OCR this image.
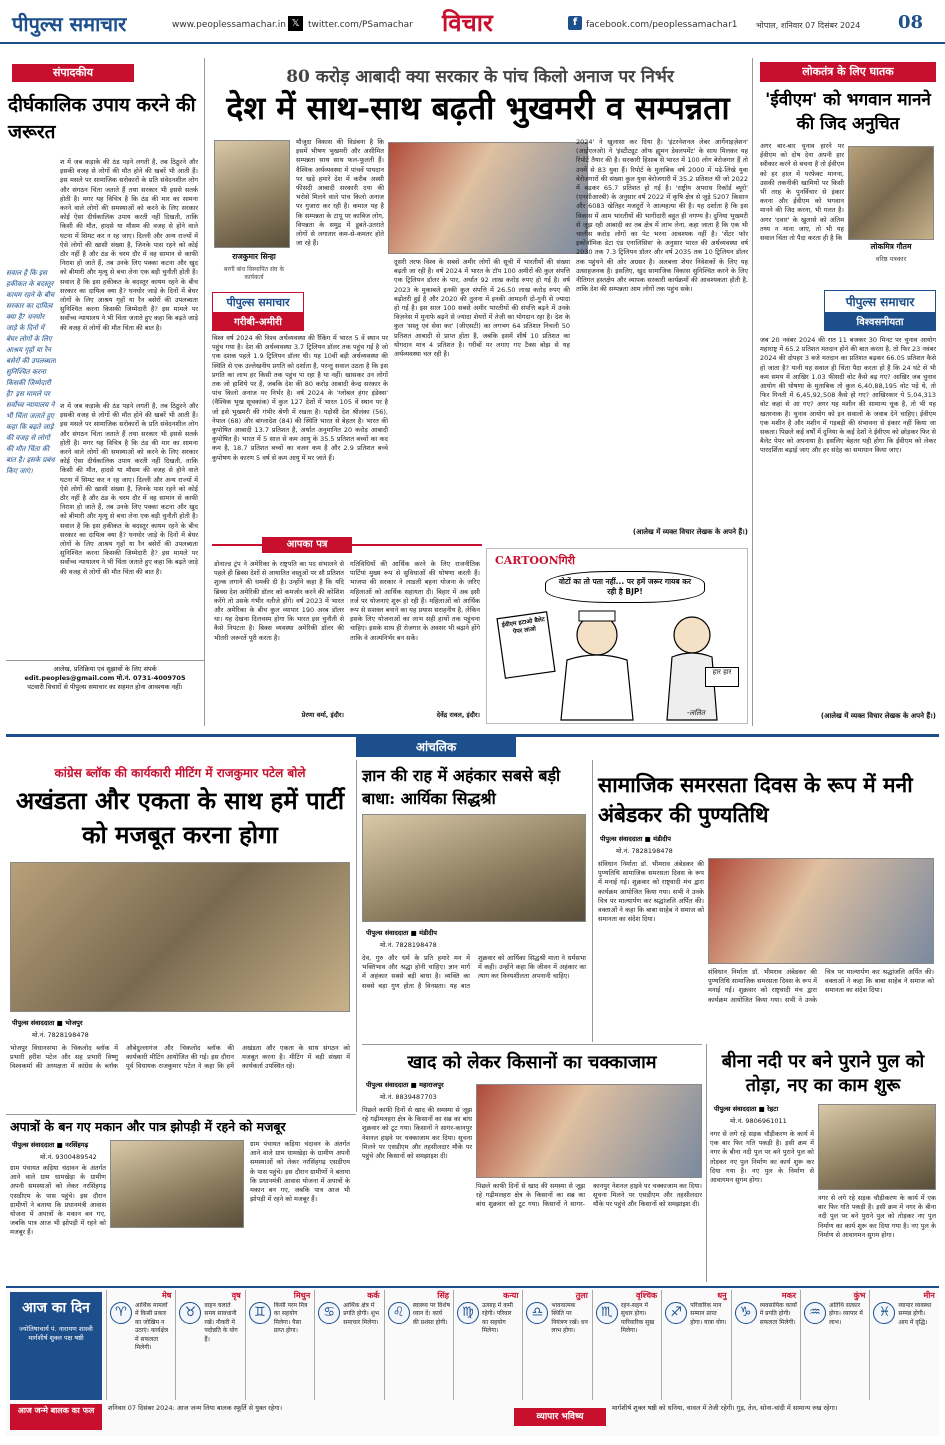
पीपुल्स समाचार	www.peoplessamachar.in 𝕏 twitter.com/PSamachar विचार	f facebook.com/peoplessamachar1 भोपाल, शनिवार 07 दिसंबर 2024 08
संपादकीय
दीर्घकालिक उपाय करने की जरूरत
श में जब कड़ाके की ठंड पड़ने लगती है, तब ठिठुरने और इसकी वजह से लोगों की मौत होने की खबरें भी आती हैं। इस मसले पर सामाजिक सरोकारों के प्रति संवेदनशील लोग और संगठन चिंता जताते हैं तथा सरकार भी इससे सतर्क होती है। मगर यह विचित्र है कि ठंड की मार का सामना करने वाले लोगों की समस्याओं को करने के लिए सरकार कोई ऐसा दीर्घकालिक उपाय करती नहीं दिखती, ताकि किसी की मौत, हादसे या मौसम की वजह से होने वाले घटना में सिमट कर न रह जाए। दिल्ली और अन्य राज्यों में ऐसे लोगों की खासी संख्या है, जिनके पास रहने को कोई ठौर नहीं है और ठंड के चरम दौर में वह सामान से काफी निराश हो जाते हैं, तब उनके लिए पक्का कटना और खुद को बीमारी और मृत्यु से बचा लेना एक बड़ी चुनौती होती है। सवाल है कि इस हकीकत के बदस्तूर कायम रहने के बीच सरकार का दायित्व क्या है? घनघोर जाड़े के दिनों में बेघर लोगों के लिए आश्रय गृहों या रैन बसेरों की उपलब्धता सुनिश्चित करना किसकी जिम्मेदारी है? इस मामले पर सर्वोच्च न्यायालय ने भी चिंता जताते हुए कहा कि बढ़ते जाड़े की वजह से लोगों की मौत चिंता की बात है।
सवाल है कि इस हकीकत के बदस्तूर कायम रहने के बीच सरकार का दायित्व क्या है? घनघोर जाड़े के दिनों में बेघर लोगों के लिए आश्रय गृहों या रैन बसेरों की उपलब्धता सुनिश्चित करना किसकी जिम्मेदारी है? इस मामले पर सर्वोच्च न्यायालय ने भी चिंता जताते हुए कहा कि बढ़ते जाड़े की वजह से लोगों की मौत चिंता की बात है। इसके प्रबंध किए जाएं।
श में जब कड़ाके की ठंड पड़ने लगती है, तब ठिठुरने और इसकी वजह से लोगों की मौत होने की खबरें भी आती हैं। इस मसले पर सामाजिक सरोकारों के प्रति संवेदनशील लोग और संगठन चिंता जताते हैं तथा सरकार भी इससे सतर्क होती है। मगर यह विचित्र है कि ठंड की मार का सामना करने वाले लोगों की समस्याओं को करने के लिए सरकार कोई ऐसा दीर्घकालिक उपाय करती नहीं दिखती, ताकि किसी की मौत, हादसे या मौसम की वजह से होने वाले घटना में सिमट कर न रह जाए। दिल्ली और अन्य राज्यों में ऐसे लोगों की खासी संख्या है, जिनके पास रहने को कोई ठौर नहीं है और ठंड के चरम दौर में वह सामान से काफी निराश हो जाते हैं, तब उनके लिए पक्का कटना और खुद को बीमारी और मृत्यु से बचा लेना एक बड़ी चुनौती होती है। सवाल है कि इस हकीकत के बदस्तूर कायम रहने के बीच सरकार का दायित्व क्या है? घनघोर जाड़े के दिनों में बेघर लोगों के लिए आश्रय गृहों या रैन बसेरों की उपलब्धता सुनिश्चित करना किसकी जिम्मेदारी है? इस मामले पर सर्वोच्च न्यायालय ने भी चिंता जताते हुए कहा कि बढ़ते जाड़े की वजह से लोगों की मौत चिंता की बात है।
आलेख, प्रतिक्रिया एवं सुझावों के लिए संपर्क
edit.peoples@gmail.com मो.नं. 0731-4009705
पटवारी विचारों से पीपुल्स समाचार का सहमत होना आवश्यक नहीं।
80 करोड़ आबादी क्या सरकार के पांच किलो अनाज पर निर्भर
देश में साथ-साथ बढ़ती भुखमरी व सम्पन्नता
राजकुमार सिन्हा
बरगी बांध विस्थापित संघ के कार्यकर्ता
पीपुल्स समाचार
गरीबी-अमीरी
मौजूदा विकास की विडंबना है कि इसमें भीषण भुखमरी और असीमित सम्पन्नता साथ साथ फल-फूलती हैं। वैश्विक अर्थव्यवस्था में पांचवें पायदान पर खड़े हमारे देश में करीब अस्सी फीसदी आबादी सरकारी दया की भरोसे मिलने वाले पांच किलो अनाज पर गुजारा कर रही है। कमाल यह है कि सम्पन्नता के टापू पर काबिज लोग, विपन्नता के समुद्र में डूबते-उतराते लोगों से लगातार कम-से-कमतर होते जा रहे हैं।
विश्व वर्ष 2024 की विश्व अर्थव्यवस्था की रैंकिंग में भारत 5 वें स्थान पर पहुंच गया है। देश की अर्थव्यवस्था 3.7 ट्रिलियन डॉलर तक पहुंच गई है जो एक दशक पहले 1.9 ट्रिलियन डॉलर थी। यह 10वीं बड़ी अर्थव्यवस्था की स्थिति से एक उल्लेखनीय प्रगति को दर्शाता है, परन्तु सवाल उठता है कि इस प्रगति का लाभ हर किसी तक पहुंच पा रहा है या नहीं। खासकर उन लोगों तक जो हाशिये पर हैं, जबकि देश की 80 करोड़ आबादी केन्द्र सरकार के पांच किलो अनाज पर निर्भर है। वर्ष 2024 के 'ग्लोबल हंगर इंडेक्स' (वैश्विक भुख सूचकांक) में कुल 127 देशों में भारत 105 वें स्थान पर है जो इसे भुखमरी की गंभीर श्रेणी में रखता है। पड़ोसी देश श्रीलंका (56), नेपाल (68) और बांग्लादेश (84) की स्थिति भारत से बेहतर है। भारत की कुपोषित आबादी 13.7 प्रतिशत है, अर्थात अनुमानित 20 करोड़ आबादी कुपोषित है। भारत में 5 साल से कम आयु के 35.5 प्रतिशत बच्चों का कद कम है, 18.7 प्रतिशत बच्चों का वजन कम है और 2.9 प्रतिशत बच्चे कुपोषण के कारण 5 वर्ष से कम आयु में मर जाते हैं।
दूसरी तरफ विश्व के सबसे अमीर लोगों की सूची में भारतीयों की संख्या बढ़ती जा रही है। वर्ष 2024 में भारत के टॉप 100 अमीरों की कुल संपत्ति एक ट्रिलियन डॉलर के पार, अर्थात 92 लाख करोड़ रुपए हो गई है। वर्ष 2023 के मुकाबले इनकी कुल संपत्ति में 26.50 लाख करोड़ रुपए की बढ़ोतरी हुई है और 2020 की तुलना में इनकी आमदनी दो-गुनी से ज्यादा हो गई है। इस साल 100 सबसे अमीर भारतीयों की संपत्ति बढ़ने में उनके विज़नेस में मुनाफे बढ़ने से ज्यादा शेयरों में तेजी का योगदान रहा है। देश के कुल 'सस्तु एवं सेवा कर' (जीएसटी) का लगभग 64 प्रतिशत निचली 50 प्रतिशत आबादी से प्राप्त होता है, जबकि इसमें शीर्ष 10 प्रतिशत का योगदान मात्र 4 प्रतिशत है। गरीबों पर लगाए गए टैक्स बोझ से यह अर्थव्यवस्था चल रही है।
2024' ने खुलासा कर दिया है। 'इंटरनेशनल लेबर आर्गेनाइज़ेशन' (आईएलओ) ने 'इंस्टीट्यूट ऑफ ह्यूमन डेवलपमेंट' के साथ मिलकर यह रिपोर्ट तैयार की है। सरकारी हिसाब से भारत में 100 लोग बेरोजगार हैं तो उनमें से 83 युवा हैं। रिपोर्ट के मुताबिक वर्ष 2000 में पढ़े-लिखे युवा बेरोजगारों की संख्या कुल युवा बेरोजगारी में 35.2 प्रतिशत थी जो 2022 में बढ़कर 65.7 प्रतिशत हो गई है। 'राष्ट्रीय अपराध रिकॉर्ड ब्यूरो' (एनसीआरबी) के अनुसार वर्ष 2022 में कृषि क्षेत्र से जुड़े 5207 किसान और 6083 खेतिहर मजदूरों ने आत्महत्या की है। यह दर्शाता है कि इस विकास में आम भारतीयों की भागीदारी बहुत ही नगण्य है। दुनिया भुखमरी से जूझ रही आबादी का तब क्षेत्र में लाभ लेना, कहा जाता है कि एक भी चालीस करोड़ लोगों का पेट भरना आवश्यक नहीं है। 'सेंटर फॉर इकोनॉमिक डेटा एंड एनालिसिस' के अनुसार भारत की अर्थव्यवस्था वर्ष 2030 तक 7.3 ट्रिलियन डॉलर और वर्ष 2035 तक 10 ट्रिलियन डॉलर तक पहुंचने की ओर अग्रसर है। अलबत्ता शेयर निवेशकों के लिए यह उत्साहजनक है। इसलिए, खुद सामाजिक विकास सुनिश्चित करने के लिए नीतिगत हस्तक्षेप और व्यापक सरकारी कार्यक्रमों की आवश्यकता होती है, ताकि देश की सम्पन्नता आम लोगों तक पहुंच सके।
(आलेख में व्यक्त विचार लेखक के अपने हैं।)
आपका पत्र
डोनाल्ड ट्रंप ने अमेरिका के राष्ट्रपति का पद संभालने से पहले ही ब्रिक्स देशों से आयातित वस्तुओं पर सौ प्रतिशत शुल्क लगाने की धमकी दी है। उन्होंने कहा है कि यदि ब्रिक्स देश अमेरिकी डॉलर को कमजोर करने की कोशिश करेंगे तो उसके गंभीर नतीजे होंगे। वर्ष 2023 में भारत और अमेरिका के बीच कुल व्यापार 190 अरब डॉलर था। यह देखना दिलचस्प होगा कि भारत इस चुनौती से कैसे निपटता है। बिक्स व्यवस्था अमेरिकी डॉलर की भीतरी जरूरतें पूरी करता है।
प्रेरणा वर्मा, इंदौर।
गतिविधियों की आर्थिक करने के लिए राजनीतिक पार्टियां मुख्य रूप से सुविधाओं की घोषणा करती हैं। भाजपा की सरकार ने लाडली बहना योजना के जरिए महिलाओं को आर्थिक सहायता दी। बिहार में अब इसी तर्ज पर योजनाएं शुरू हो रही हैं। महिलाओं को आर्थिक रूप से सशक्त बनाने का यह प्रयास सराहनीय है, लेकिन इसके लिए योजनाओं का लाभ सही हाथों तक पहुंचना चाहिए। इसके साथ ही रोजगार के अवसर भी बढ़ाने होंगे ताकि वे आत्मनिर्भर बन सकें।
देवेंद्र रावल, इंदौर।
CARTOONगिरी
वोटों का तो पता नहीं... पर हमें जरूर गायब कर रही है BJP!
ईवीएम हटाओ बैलेट पेपर लाओ
हार हार
-ललित
लोकतंत्र के लिए घातक
'ईवीएम' को भगवान मानने की जिद अनुचित
अगर बार-बार चुनाव हारने पर ईवीएम को दोष देना अपनी हार स्वीकार करने से बचना है तो ईवीएम को हर हाल में परफेक्ट मानना, उसकी तकनीकी खामियों पर किसी भी तरह के पुनर्विचार से इंकार करना और ईवीएम को भगवान मानने की जिद करना, भी गलत है। अगर 'दवार' के खुलासे को अंतिम तथ्य न माना जाए, तो भी यह सवाल चिंता तो पैदा करता ही है कि
लोकमित्र गौतम
वरिष्ठ पत्रकार
पीपुल्स समाचार
विश्वसनीयता
जब 20 नवंबर 2024 की रात 11 बजकर 30 मिनट पर चुनाव आयोग महाराष्ट्र में 65.2 प्रतिशत मतदान होने की बात करता है, तो फिर 23 नवंबर 2024 की दोपहर 3 बजे मतदान का प्रतिशत बढ़कर 66.05 प्रतिशत कैसे हो जाता है? यानी यह सवाल ही चिंता पैदा करता हो है कि 24 घंटे से भी कम समय में आखिर 1.03 फीसदी वोट कैसे बढ़ गए? आखिर जब चुनाव आयोग की घोषणा के मुताबिक तो कुल 6,40,88,195 वोट पड़े थे, तो फिर गिनती में 6,45,92,508 कैसे हो गए? आखिरकार ये 5,04,313 वोट कहां से आ गए? अगर यह मशीन की सामान्य चूक है, तो भी यह खतरनाक है। चुनाव आयोग को इन सवालों के जवाब देने चाहिए। ईवीएम एक मशीन है और मशीन में गड़बड़ी की संभावना से इंकार नहीं किया जा सकता। पिछले कई वर्षों में दुनिया के कई देशों ने ईवीएम को छोड़कर फिर से बैलेट पेपर को अपनाया है। इसलिए बेहतर यही होगा कि ईवीएम को लेकर पारदर्शिता बढ़ाई जाए और हर संदेह का समाधान किया जाए।
(आलेख में व्यक्त विचार लेखक के अपने हैं।)
आंचलिक
कांग्रेस ब्लॉक की कार्यकारी मीटिंग में राजकुमार पटेल बोले
अखंडता और एकता के साथ हमें पार्टी को मजबूत करना होगा
पीपुल्स संवाददाता ■ भोजपुर
मो.नं. 7828198478
भोजपुर विधानसभा के चिकलोद ब्लॉक में प्रभारी हरीश पटेल और सह प्रभारी विष्णु विश्वकर्मा की अध्यक्षता में कांग्रेस के ब्लॉक औबेदुल्लागंज और चिकलोद ब्लॉक की कार्यकारी मीटिंग आयोजित की गई। इस दौरान पूर्व विधायक राजकुमार पटेल ने कहा कि हमें अखंडता और एकता के साथ संगठन को मजबूत करना है। मीटिंग में बड़ी संख्या में कार्यकर्ता उपस्थित रहे।
ज्ञान की राह में अहंकार सबसे बड़ी बाधा: आर्यिका सिद्धश्री
पीपुल्स संवाददाता ■ मंडीदीप
मो.नं. 7828198478
देव, गुरु और धर्म के प्रति हमारे मन में भक्तिभाव और श्रद्धा होनी चाहिए। ज्ञान मार्ग में अहंकार सबसे बड़ी बाधा है। व्यक्ति का सबसे बड़ा गुण होता है विनम्रता। यह बात शुक्रवार को आर्यिका सिद्धश्री माता ने धर्मसभा में कही। उन्होंने कहा कि जीवन में अहंकार का त्याग कर विनयशीलता अपनानी चाहिए।
सामाजिक समरसता दिवस के रूप में मनी अंबेडकर की पुण्यतिथि
पीपुल्स संवाददाता ■ मंडीदीप
मो.नं. 7828198478
संविधान निर्माता डॉ. भीमराव अंबेडकर की पुण्यतिथि सामाजिक समरसता दिवस के रूप में मनाई गई। शुक्रवार को राष्ट्रवादी मंच द्वारा कार्यक्रम आयोजित किया गया। सभी ने उनके चित्र पर माल्यार्पण कर श्रद्धांजलि अर्पित की। वक्ताओं ने कहा कि बाबा साहेब ने समाज को समानता का संदेश दिया।
संविधान निर्माता डॉ. भीमराव अंबेडकर की पुण्यतिथि सामाजिक समरसता दिवस के रूप में मनाई गई। शुक्रवार को राष्ट्रवादी मंच द्वारा कार्यक्रम आयोजित किया गया। सभी ने उनके चित्र पर माल्यार्पण कर श्रद्धांजलि अर्पित की। वक्ताओं ने कहा कि बाबा साहेब ने समाज को समानता का संदेश दिया।
अपात्रों के बन गए मकान और पात्र झोपड़ी में रहने को मजबूर
पीपुल्स संवाददाता ■ नरसिंहगढ़
मो.नं. 9300489542
ग्राम पंचायत कड़िया चंदावन के अंतर्गत आने वाले ग्राम धामखेड़ा के ग्रामीण अपनी समस्याओं को लेकर नरसिंहगढ़ एसडीएम के पास पहुंचे। इस दौरान ग्रामीणों ने बताया कि प्रधानमंत्री आवास योजना में अपात्रों के मकान बन गए, जबकि पात्र आज भी झोपड़ी में रहने को मजबूर हैं।
ग्राम पंचायत कड़िया चंदावन के अंतर्गत आने वाले ग्राम धामखेड़ा के ग्रामीण अपनी समस्याओं को लेकर नरसिंहगढ़ एसडीएम के पास पहुंचे। इस दौरान ग्रामीणों ने बताया कि प्रधानमंत्री आवास योजना में अपात्रों के मकान बन गए, जबकि पात्र आज भी झोपड़ी में रहने को मजबूर हैं।
खाद को लेकर किसानों का चक्काजाम
पीपुल्स संवाददाता ■ महाराजपुर
मो.नं. 8839487703
पिछले काफी दिनों से खाद की समस्या से जूझ रहे गढ़ीमलहरा क्षेत्र के किसानों का सब्र का बांध शुक्रवार को टूट गया। किसानों ने सागर-कानपुर नेशनल हाइवे पर चक्काजाम कर दिया। सूचना मिलने पर एसडीएम और तहसीलदार मौके पर पहुंचे और किसानों को समझाइश दी।
पिछले काफी दिनों से खाद की समस्या से जूझ रहे गढ़ीमलहरा क्षेत्र के किसानों का सब्र का बांध शुक्रवार को टूट गया। किसानों ने सागर-कानपुर नेशनल हाइवे पर चक्काजाम कर दिया। सूचना मिलने पर एसडीएम और तहसीलदार मौके पर पहुंचे और किसानों को समझाइश दी।
बीना नदी पर बने पुराने पुल को तोड़ा, नए का काम शुरू
पीपुल्स संवाददाता ■ रेहटा
मो.नं. 9806961011
नगर से लगे रहे सड़क चौड़ीकरण के कार्य में एक बार फिर गति पकड़ी है। इसी क्रम में नगर के बीना नदी पुल पर बने पुराने पुल को तोड़कर नए पुल निर्माण का कार्य शुरू कर दिया गया है। नए पुल के निर्माण से आवागमन सुगम होगा।
नगर से लगे रहे सड़क चौड़ीकरण के कार्य में एक बार फिर गति पकड़ी है। इसी क्रम में नगर के बीना नदी पुल पर बने पुराने पुल को तोड़कर नए पुल निर्माण का कार्य शुरू कर दिया गया है। नए पुल के निर्माण से आवागमन सुगम होगा।
आज का दिन
ज्योतिषाचार्य पं. नारायण शास्त्री मार्गशीर्ष शुक्ल पक्ष षष्ठी
मेष
♈	आर्थिक मामलों में किसी प्रकार का जोखिम न उठाएं। कार्यक्षेत्र में सफलता मिलेगी।
वृष
♉	वाहन चलाते समय सावधानी रखें। नौकरी में पदोन्नति के योग हैं।
मिथुन
♊	किसी परम मित्र का सहयोग मिलेगा। पैसा प्राप्त होगा।
कर्क
♋	आर्थिक क्षेत्र में प्रगति होगी। शुभ समाचार मिलेगा।
सिंह
♌	स्वास्थ्य पर विशेष ध्यान दें। कार्य की प्रशंसा होगी।
कन्या
♍	उत्साह में कमी रहेगी। परिवार का सहयोग मिलेगा।
तुला
♎	भावनात्मक स्थिति पर नियंत्रण रखें। धन लाभ होगा।
वृश्चिक
♏	रहन-सहन में सुधार होगा। पारिवारिक सुख मिलेगा।
धनु
♐	परिवारिक मान सम्मान प्राप्त होगा। यात्रा योग।
मकर
♑	व्यवसायिक कार्यों में प्रगति होगी। सफलता मिलेगी।
कुंभ
♒	अतिथि सत्कार होगा। व्यापार में लाभ।
मीन
♓	व्यापार व्यवस्था सम्पन्न होगी। आय में वृद्धि।
आज जन्मे बालक का फल	शनिवार 07 दिसंबर 2024: आज जन्म लिया बालक स्फूर्ति से युक्त रहेगा।
व्यापार भविष्य
मार्गशीर्ष शुक्ल षष्ठी को धनिया, चावल में तेजी रहेगी। गुड़, तेल, सोना-चांदी में सामान्य रुख रहेगा।
